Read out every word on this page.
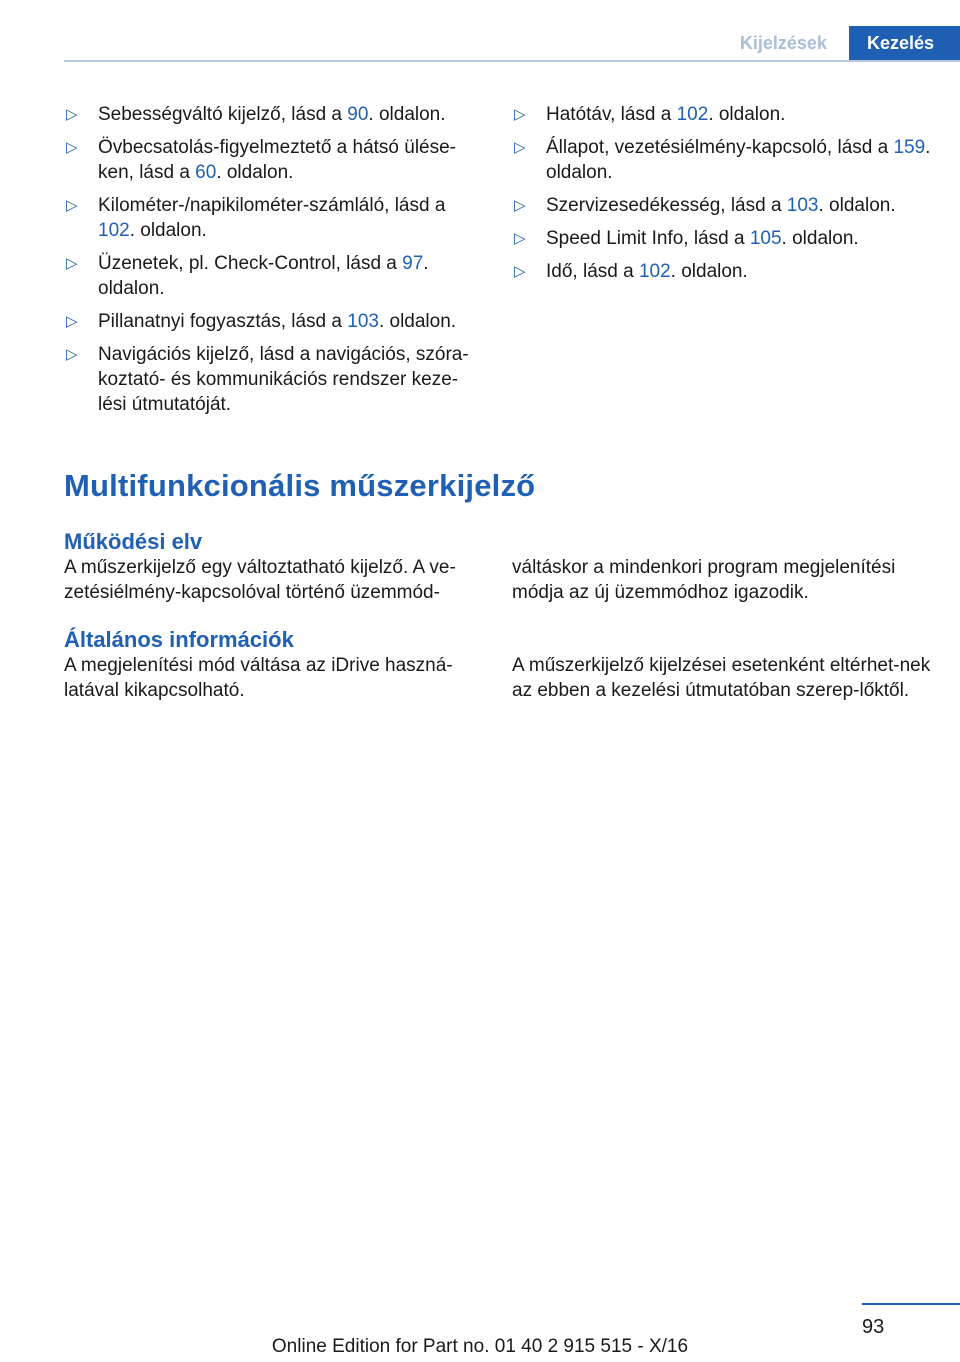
Kijelzések	Kezelés
▷ Sebességváltó kijelző, lásd a 90. oldalon.
▷ Övbecsatolás-figyelmeztető a hátsó ülése-ken, lásd a 60. oldalon.
▷ Kilométer-/napikilométer-számláló, lásd a 102. oldalon.
▷ Üzenetek, pl. Check-Control, lásd a 97. oldalon.
▷ Pillanatnyi fogyasztás, lásd a 103. oldalon.
▷ Navigációs kijelző, lásd a navigációs, szóra-koztató- és kommunikációs rendszer keze-lési útmutatóját.
▷ Hatótáv, lásd a 102. oldalon.
▷ Állapot, vezetésiélmény-kapcsoló, lásd a 159. oldalon.
▷ Szervizesedékesség, lásd a 103. oldalon.
▷ Speed Limit Info, lásd a 105. oldalon.
▷ Idő, lásd a 102. oldalon.
Multifunkcionális műszerkijelző
Működési elv

A műszerkijelző egy változtatható kijelző. A ve-zetésiélmény-kapcsolóval történő üzemmód-

váltáskor a mindenkori program megjelenítési módja az új üzemmódhoz igazodik.

Általános információk

A megjelenítési mód váltása az iDrive haszná-latával kikapcsolható.

A műszerkijelző kijelzései esetenként eltérhet-nek az ebben a kezelési útmutatóban szerep-lőktől.

93
Online Edition for Part no. 01 40 2 915 515 - X/16
